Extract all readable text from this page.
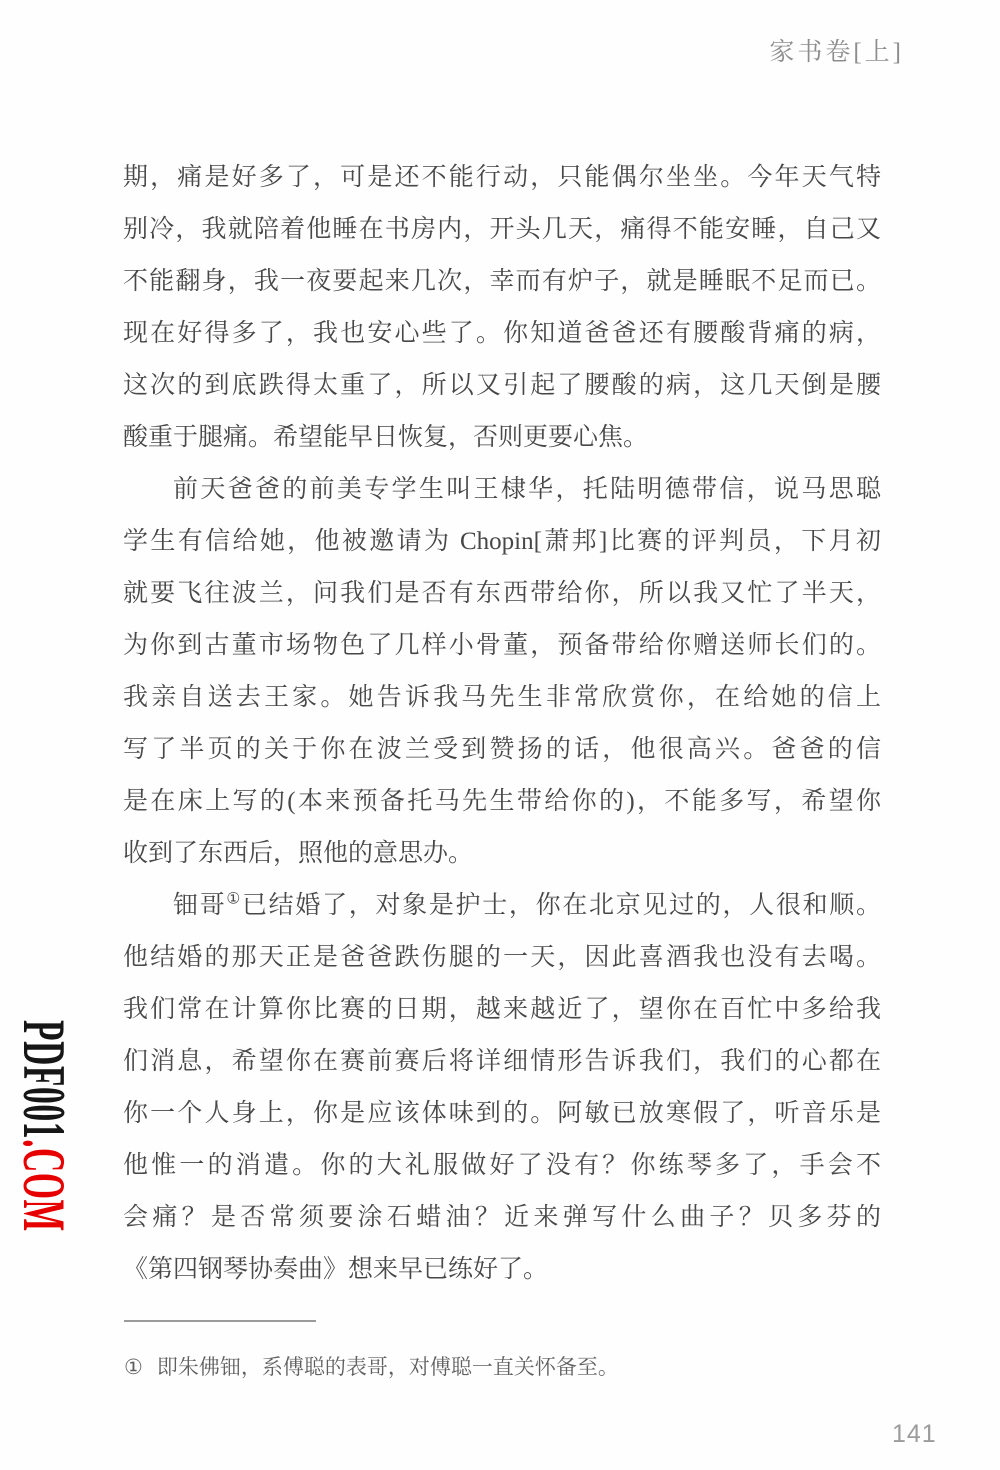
家书卷[上]
期，痛是好多了，可是还不能行动，只能偶尔坐坐。今年天气特
别冷，我就陪着他睡在书房内，开头几天，痛得不能安睡，自己又
不能翻身，我一夜要起来几次，幸而有炉子，就是睡眠不足而已。
现在好得多了，我也安心些了。你知道爸爸还有腰酸背痛的病，
这次的到底跌得太重了，所以又引起了腰酸的病，这几天倒是腰
酸重于腿痛。希望能早日恢复，否则更要心焦。
前天爸爸的前美专学生叫王棣华，托陆明德带信，说马思聪
学生有信给她，他被邀请为 Chopin[萧邦]比赛的评判员，下月初
就要飞往波兰，问我们是否有东西带给你，所以我又忙了半天，
为你到古董市场物色了几样小骨董，预备带给你赠送师长们的。
我亲自送去王家。她告诉我马先生非常欣赏你，在给她的信上
写了半页的关于你在波兰受到赞扬的话，他很高兴。爸爸的信
是在床上写的(本来预备托马先生带给你的)，不能多写，希望你
收到了东西后，照他的意思办。
钿哥①已结婚了，对象是护士，你在北京见过的，人很和顺。
他结婚的那天正是爸爸跌伤腿的一天，因此喜酒我也没有去喝。
我们常在计算你比赛的日期，越来越近了，望你在百忙中多给我
们消息，希望你在赛前赛后将详细情形告诉我们，我们的心都在
你一个人身上，你是应该体味到的。阿敏已放寒假了，听音乐是
他惟一的消遣。你的大礼服做好了没有？你练琴多了，手会不
会痛？是否常须要涂石蜡油？近来弹写什么曲子？贝多芬的
《第四钢琴协奏曲》想来早已练好了。
① 即朱佛钿，系傅聪的表哥，对傅聪一直关怀备至。
PDF001.COM
141
